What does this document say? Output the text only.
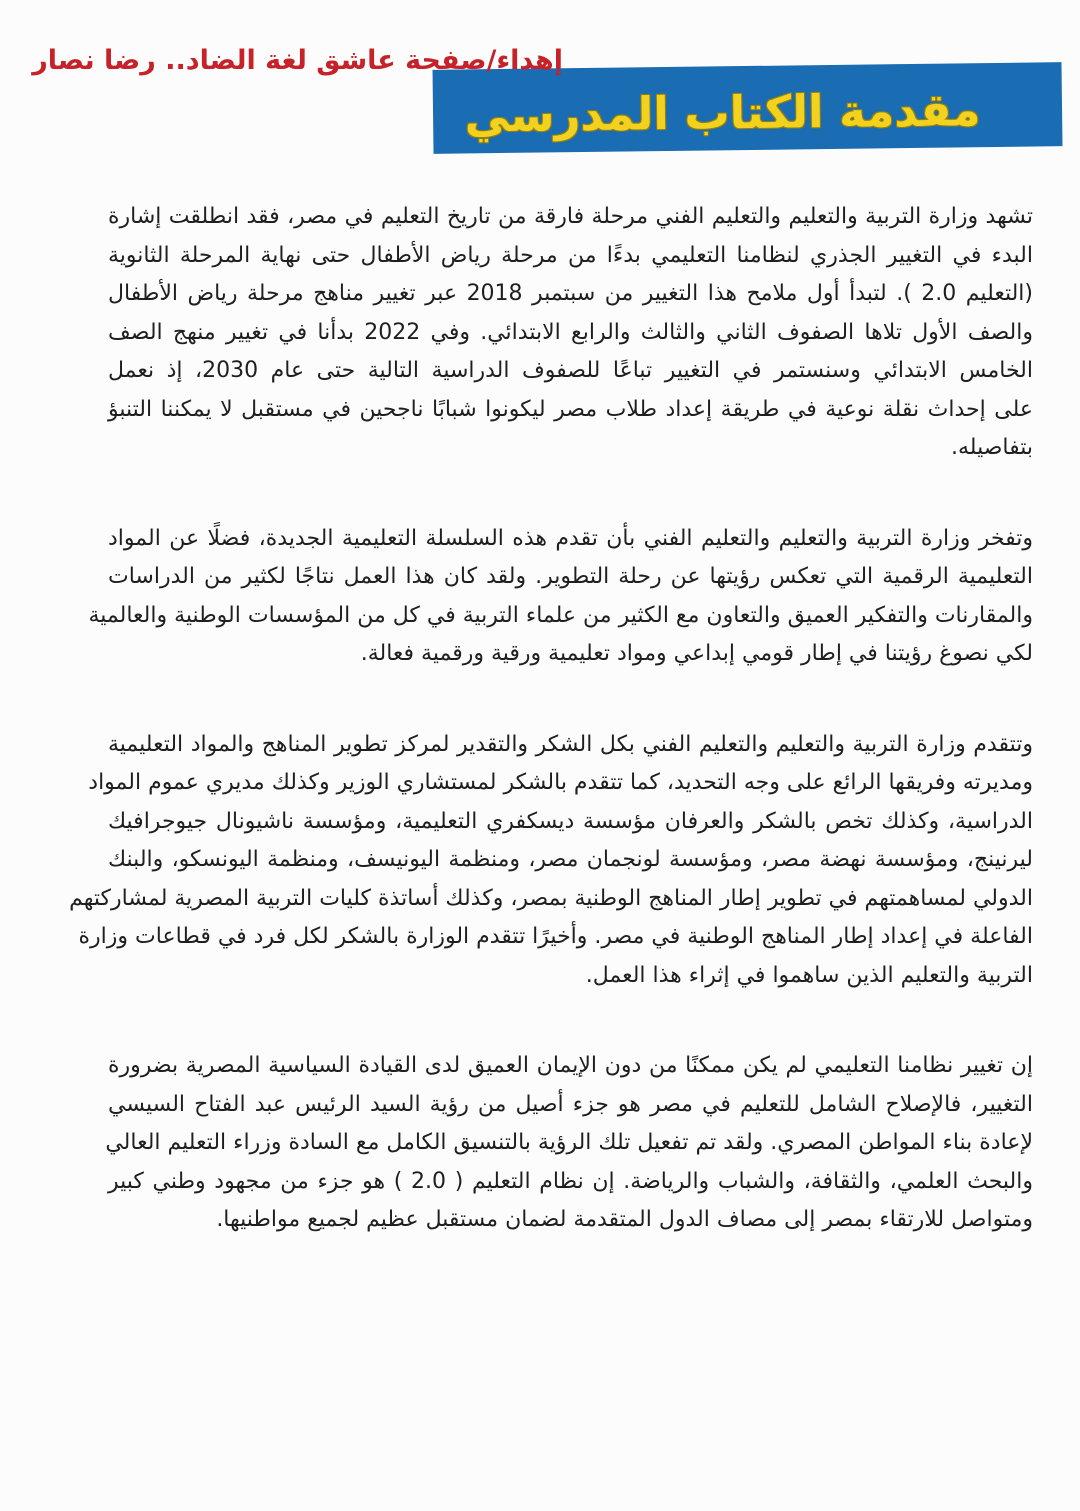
مقدمة الكتاب المدرسي
إهداء/صفحة عاشق لغة الضاد.. رضا نصار
تشهد وزارة التربية والتعليم والتعليم الفني مرحلة فارقة من تاريخ التعليم في مصر، فقد انطلقت إشارة
البدء في التغيير الجذري لنظامنا التعليمي بدءًا من مرحلة رياض الأطفال حتى نهاية المرحلة الثانوية
(التعليم 2.0 ). لتبدأ أول ملامح هذا التغيير من سبتمبر 2018 عبر تغيير مناهج مرحلة رياض الأطفال
والصف الأول تلاها الصفوف الثاني والثالث والرابع الابتدائي. وفي 2022 بدأنا في تغيير منهج الصف
الخامس الابتدائي وسنستمر في التغيير تباعًا للصفوف الدراسية التالية حتى عام 2030، إذ نعمل
على إحداث نقلة نوعية في طريقة إعداد طلاب مصر ليكونوا شبابًا ناجحين في مستقبل لا يمكننا التنبؤ
بتفاصيله.
وتفخر وزارة التربية والتعليم والتعليم الفني بأن تقدم هذه السلسلة التعليمية الجديدة، فضلًا عن المواد
التعليمية الرقمية التي تعكس رؤيتها عن رحلة التطوير. ولقد كان هذا العمل نتاجًا لكثير من الدراسات
والمقارنات والتفكير العميق والتعاون مع الكثير من علماء التربية في كل من المؤسسات الوطنية والعالمية
لكي نصوغ رؤيتنا في إطار قومي إبداعي ومواد تعليمية ورقية ورقمية فعالة.
وتتقدم وزارة التربية والتعليم والتعليم الفني بكل الشكر والتقدير لمركز تطوير المناهج والمواد التعليمية
ومديرته وفريقها الرائع على وجه التحديد، كما تتقدم بالشكر لمستشاري الوزير وكذلك مديري عموم المواد
الدراسية، وكذلك تخص بالشكر والعرفان مؤسسة ديسكفري التعليمية، ومؤسسة ناشيونال جيوجرافيك
ليرنينج، ومؤسسة نهضة مصر، ومؤسسة لونجمان مصر، ومنظمة اليونيسف، ومنظمة اليونسكو، والبنك
الدولي لمساهمتهم في تطوير إطار المناهج الوطنية بمصر، وكذلك أساتذة كليات التربية المصرية لمشاركتهم
الفاعلة في إعداد إطار المناهج الوطنية في مصر. وأخيرًا تتقدم الوزارة بالشكر لكل فرد في قطاعات وزارة
التربية والتعليم الذين ساهموا في إثراء هذا العمل.
إن تغيير نظامنا التعليمي لم يكن ممكنًا من دون الإيمان العميق لدى القيادة السياسية المصرية بضرورة
التغيير، فالإصلاح الشامل للتعليم في مصر هو جزء أصيل من رؤية السيد الرئيس عبد الفتاح السيسي
لإعادة بناء المواطن المصري. ولقد تم تفعيل تلك الرؤية بالتنسيق الكامل مع السادة وزراء التعليم العالي
والبحث العلمي، والثقافة، والشباب والرياضة. إن نظام التعليم ( 2.0 ) هو جزء من مجهود وطني كبير
ومتواصل للارتقاء بمصر إلى مصاف الدول المتقدمة لضمان مستقبل عظيم لجميع مواطنيها.
